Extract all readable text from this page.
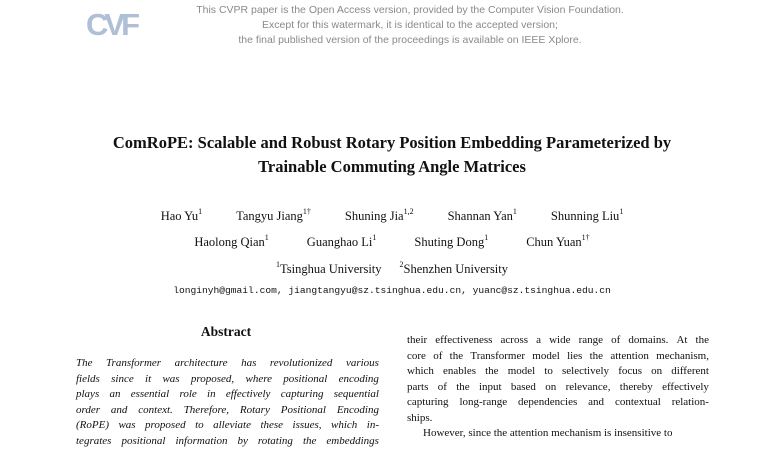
CVF	This CVPR paper is the Open Access version, provided by the Computer Vision Foundation.
Except for this watermark, it is identical to the accepted version;
the final published version of the proceedings is available on IEEE Xplore.
ComRoPE: Scalable and Robust Rotary Position Embedding Parameterized by
Trainable Commuting Angle Matrices
Hao Yu$^1$	Tangyu Jiang$^{1\dagger}$	Shuning Jia$^{1,2}$	Shannan Yan$^1$	Shunning Liu$^1$
Haolong Qian$^1$	Guanghao Li$^1$	Shuting Dong$^1$	Chun Yuan$^{1\dagger}$
$^1$Tsinghua University $^2$Shenzhen University
longinyh@gmail.com, jiangtangyu@sz.tsinghua.edu.cn, yuanc@sz.tsinghua.edu.cn
Abstract
The Transformer architecture has revolutionized various
fields since it was proposed, where positional encoding
plays an essential role in effectively capturing sequential
order and context. Therefore, Rotary Positional Encoding
(RoPE) was proposed to alleviate these issues, which in-
tegrates positional information by rotating the embeddings
their effectiveness across a wide range of domains. At the
core of the Transformer model lies the attention mechanism,
which enables the model to selectively focus on different
parts of the input based on relevance, thereby effectively
capturing long-range dependencies and contextual relation-
ships.
However, since the attention mechanism is insensitive to
